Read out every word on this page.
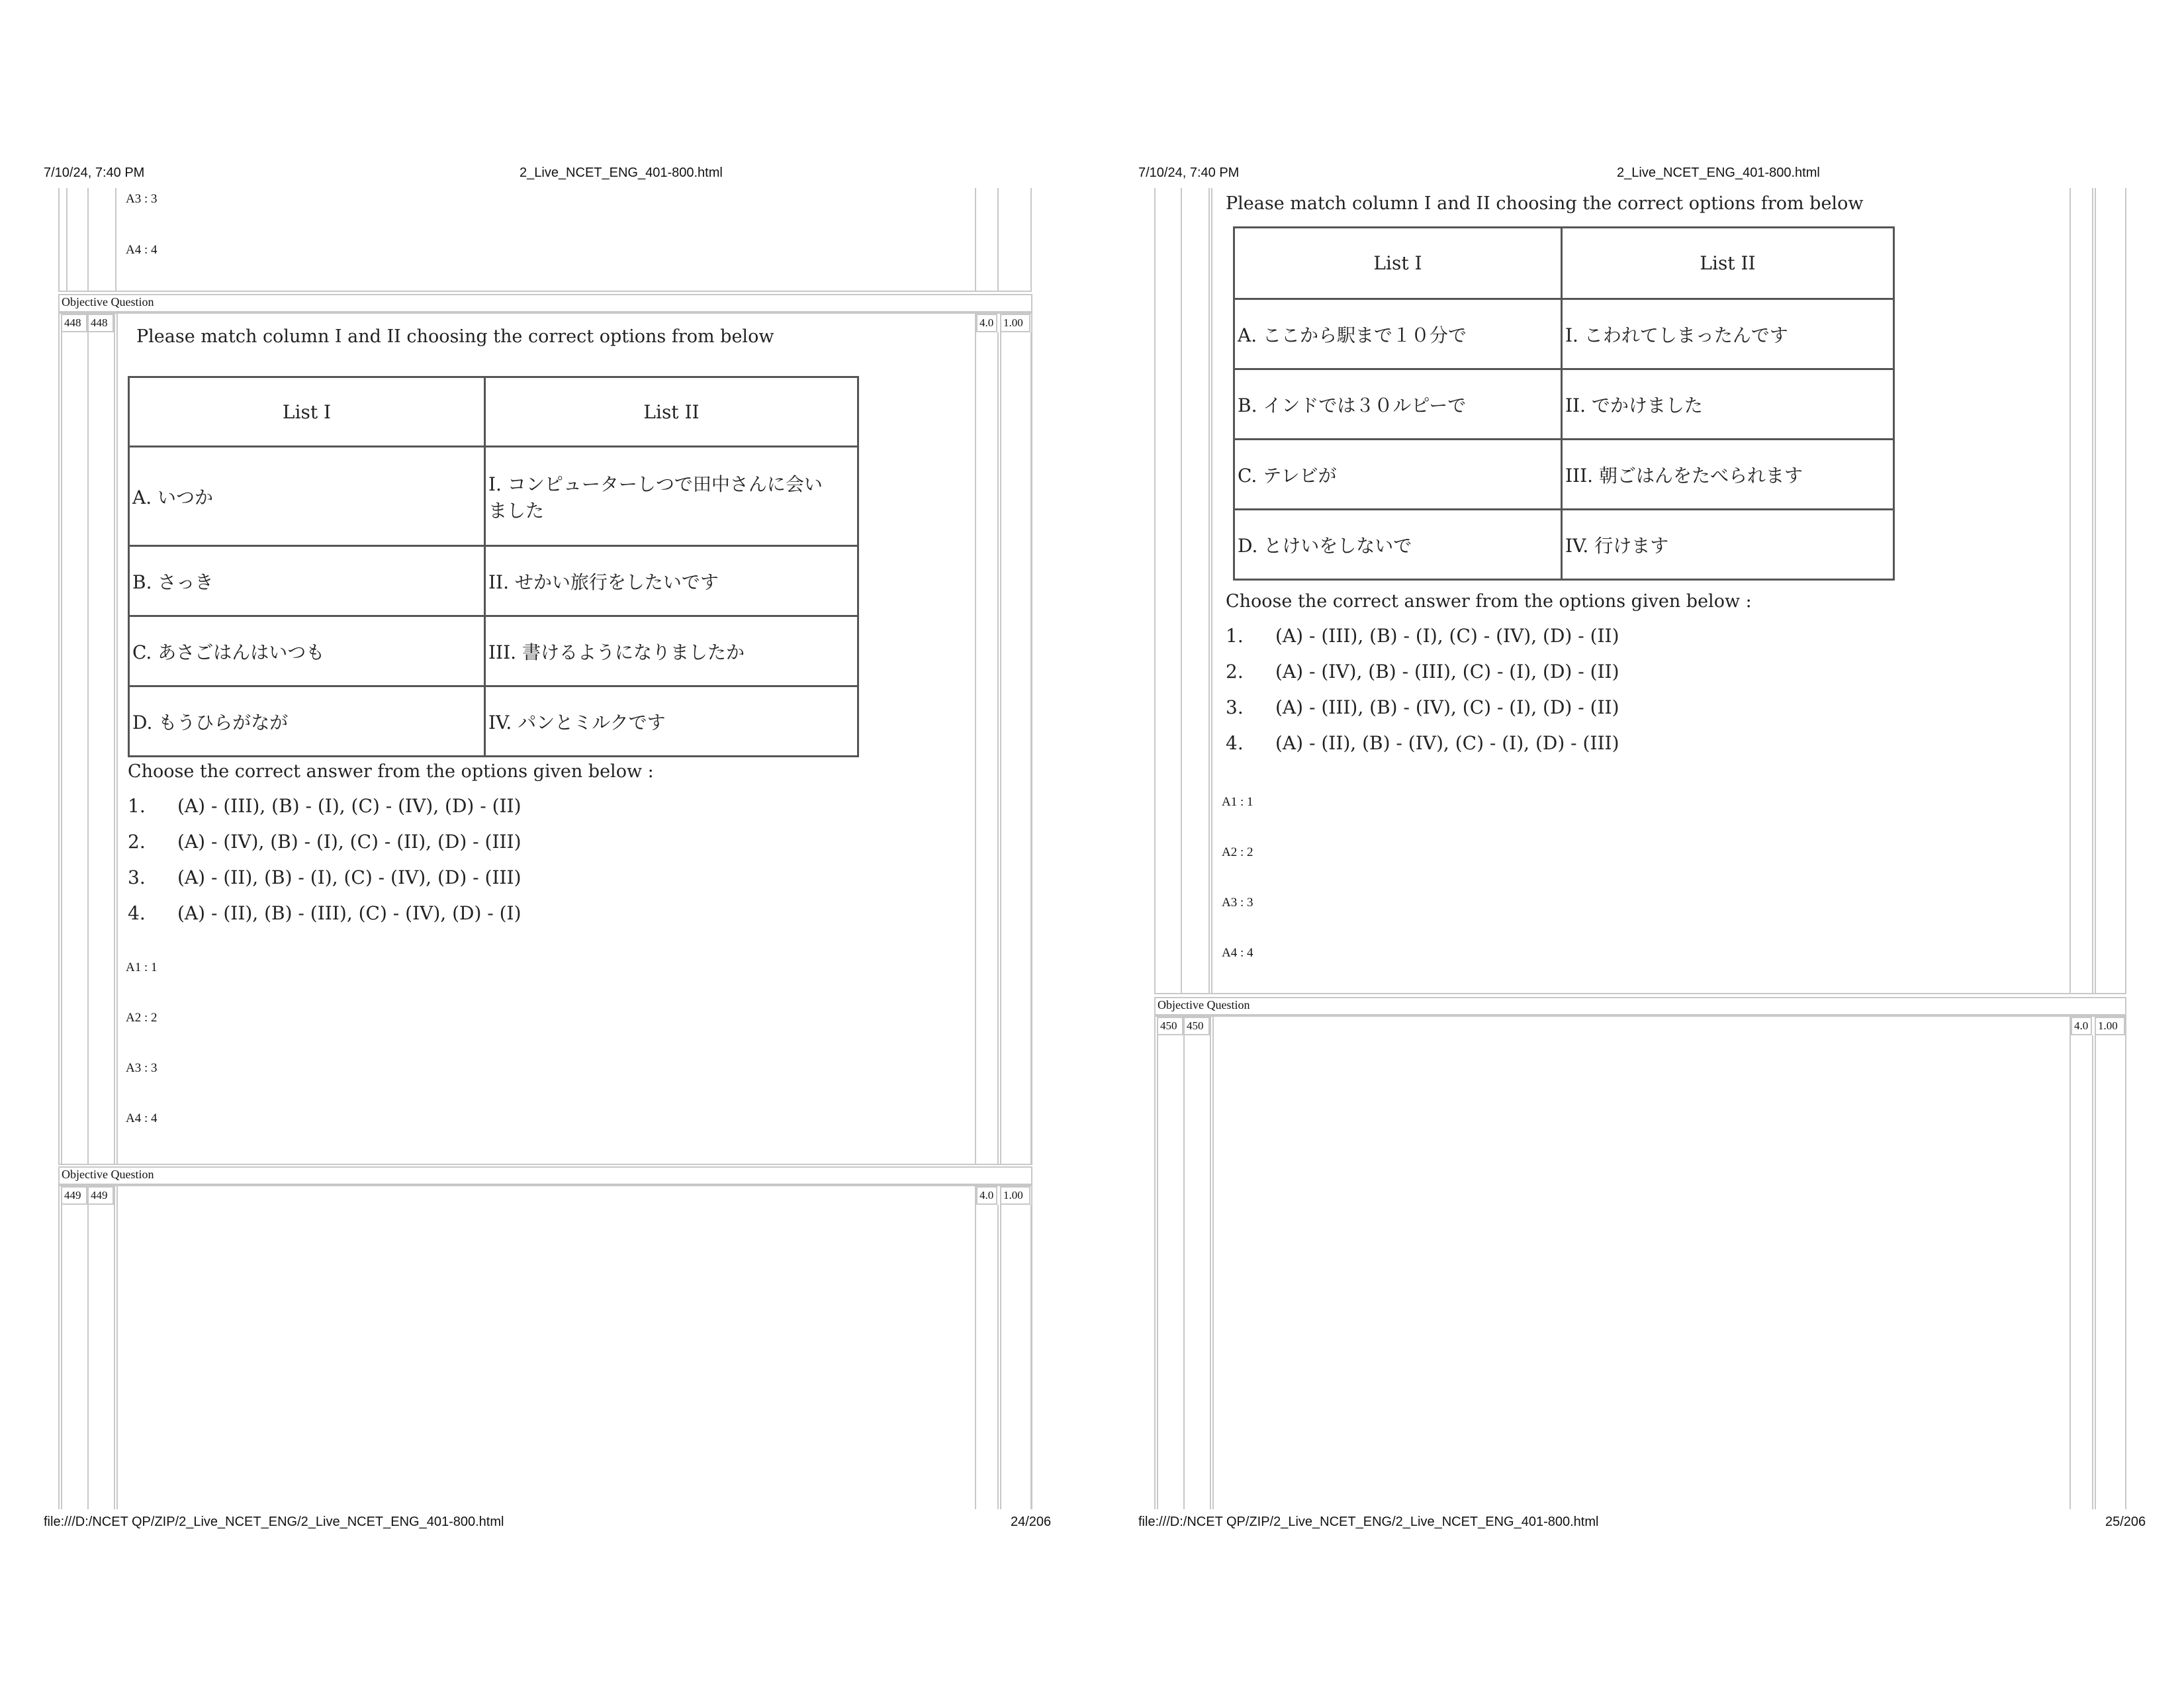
7/10/24, 7:40 PM	2_Live_NCET_ENG_401-800.html
A3 : 3
A4 : 4
Objective Question
448 448	4.0 1.00
Please match column I and II choosing the correct options from below
List I	List II
A. いつか	I. コンピューターしつで田中さんに会い
ました
B. さっき	II. せかい旅行をしたいです
C. あさごはんはいつも	III. 書けるようになりましたか
D. もうひらがなが	IV. パンとミルクです
Choose the correct answer from the options given below :
1. (A) - (III), (B) - (I), (C) - (IV), (D) - (II)
2. (A) - (IV), (B) - (I), (C) - (II), (D) - (III)
3. (A) - (II), (B) - (I), (C) - (IV), (D) - (III)
4. (A) - (II), (B) - (III), (C) - (IV), (D) - (I)
A1 : 1
A2 : 2
A3 : 3
A4 : 4
Objective Question
449 449	4.0 1.00
file:///D:/NCET QP/ZIP/2_Live_NCET_ENG/2_Live_NCET_ENG_401-800.html	24/206
7/10/24, 7:40 PM	2_Live_NCET_ENG_401-800.html
Please match column I and II choosing the correct options from below
List I	List II
A. ここから駅まで１０分で	I. こわれてしまったんです
B. インドでは３０ルピーで	II. でかけました
C. テレビが	III. 朝ごはんをたべられます
D. とけいをしないで	IV. 行けます
Choose the correct answer from the options given below :
1. (A) - (III), (B) - (I), (C) - (IV), (D) - (II)
2. (A) - (IV), (B) - (III), (C) - (I), (D) - (II)
3. (A) - (III), (B) - (IV), (C) - (I), (D) - (II)
4. (A) - (II), (B) - (IV), (C) - (I), (D) - (III)
A1 : 1
A2 : 2
A3 : 3
A4 : 4
Objective Question
450 450	4.0 1.00
file:///D:/NCET QP/ZIP/2_Live_NCET_ENG/2_Live_NCET_ENG_401-800.html	25/206
